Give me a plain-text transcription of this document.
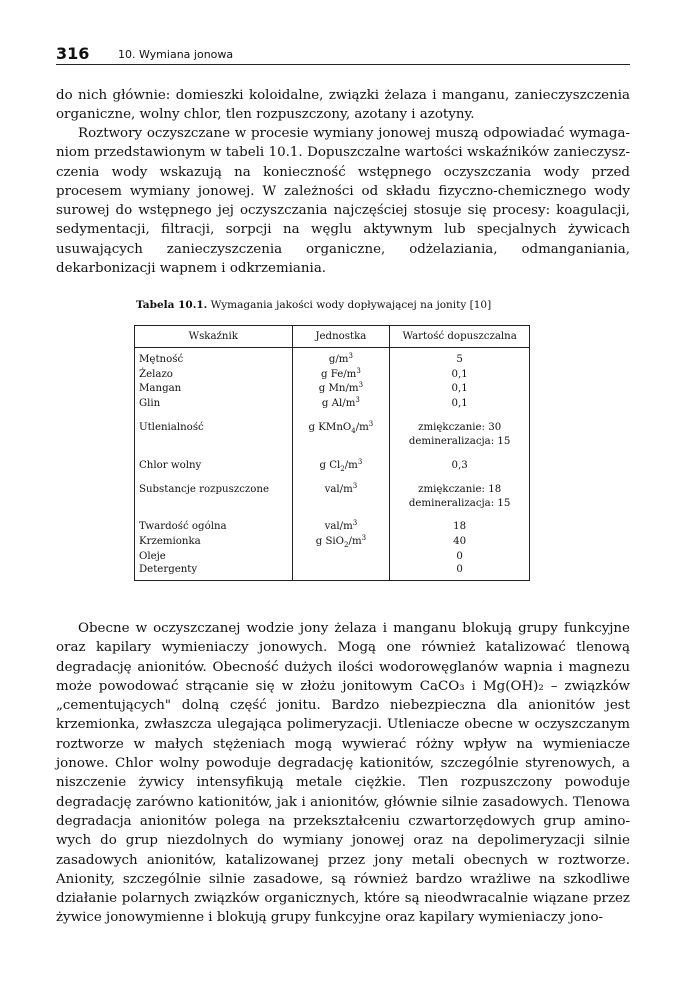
316	10. Wymiana jonowa

do nich głównie: domieszki koloidalne, związki żelaza i manganu, zanieczyszczenia organiczne, wolny chlor, tlen rozpuszczony, azotany i azotyny.

Roztwory oczyszczane w procesie wymiany jonowej muszą odpowiadać wymaganiom przedstawionym w tabeli 10.1. Dopuszczalne wartości wskaźników zanieczyszczenia wody wskazują na konieczność wstępnego oczyszczania wody przed procesem wymiany jonowej. W zależności od składu fizyczno-chemicznego wody surowej do wstępnego jej oczyszczania najczęściej stosuje się procesy: koagulacji, sedymentacji, filtracji, sorpcji na węglu aktywnym lub specjalnych żywicach usuwających zanieczyszczenia organiczne, odżelaziania, odmanganiania, dekarbonizacji wapnem i odkrzemiania.

Tabela 10.1. Wymagania jakości wody dopływającej na jonity [10]
Wskaźnik	Jednostka	Wartość dopuszczalna
Mętność	$g/m^3$	5
Żelazo	g $Fe/m^3$	0,1
Mangan	g $Mn/m^3$	0,1
Glin	g $Al/m^3$	0,1
Utlenialność	g $KMnO_4/m^3$	zmiękczanie: 30
demineralizacja: 15

Chlor wolny	g $Cl_2/m^3$	0,3
Substancje rozpuszczone	val/$m^3$	zmiękczanie: 18
demineralizacja: 15

Twardość ogólna	val/$m^3$	18
Krzemionka	g $SiO_2/m^3$	40
Oleje		0
Detergenty		0

Obecne w oczyszczanej wodzie jony żelaza i manganu blokują grupy funkcyjne oraz kapilary wymieniaczy jonowych. Mogą one również katalizować tlenową degradację anionitów. Obecność dużych ilości wodorowęglanów wapnia i magnezu może powodować strącanie się w złożu jonitowym CaCO₃ i Mg(OH)₂ – związków „cementujących" dolną część jonitu. Bardzo niebezpieczna dla anionitów jest krzemionka, zwłaszcza ulegająca polimeryzacji. Utleniacze obecne w oczyszczanym roztworze w małych stężeniach mogą wywierać różny wpływ na wymieniacze jonowe. Chlor wolny powoduje degradację kationitów, szczególnie styrenowych, a niszczenie żywicy intensyfikują metale ciężkie. Tlen rozpuszczony powoduje degradację zarówno kationitów, jak i anionitów, głównie silnie zasadowych. Tlenowa degradacja anionitów polega na przekształceniu czwartorzędowych grup aminowych do grup niezdolnych do wymiany jonowej oraz na depolimeryzacji silnie zasadowych anionitów, katalizowanej przez jony metali obecnych w roztworze. Anionity, szczególnie silnie zasadowe, są również bardzo wrażliwe na szkodliwe działanie polarnych związków organicznych, które są nieodwracalnie wiązane przez żywice jonowymienne i blokują grupy funkcyjne oraz kapilary wymieniaczy jono-
